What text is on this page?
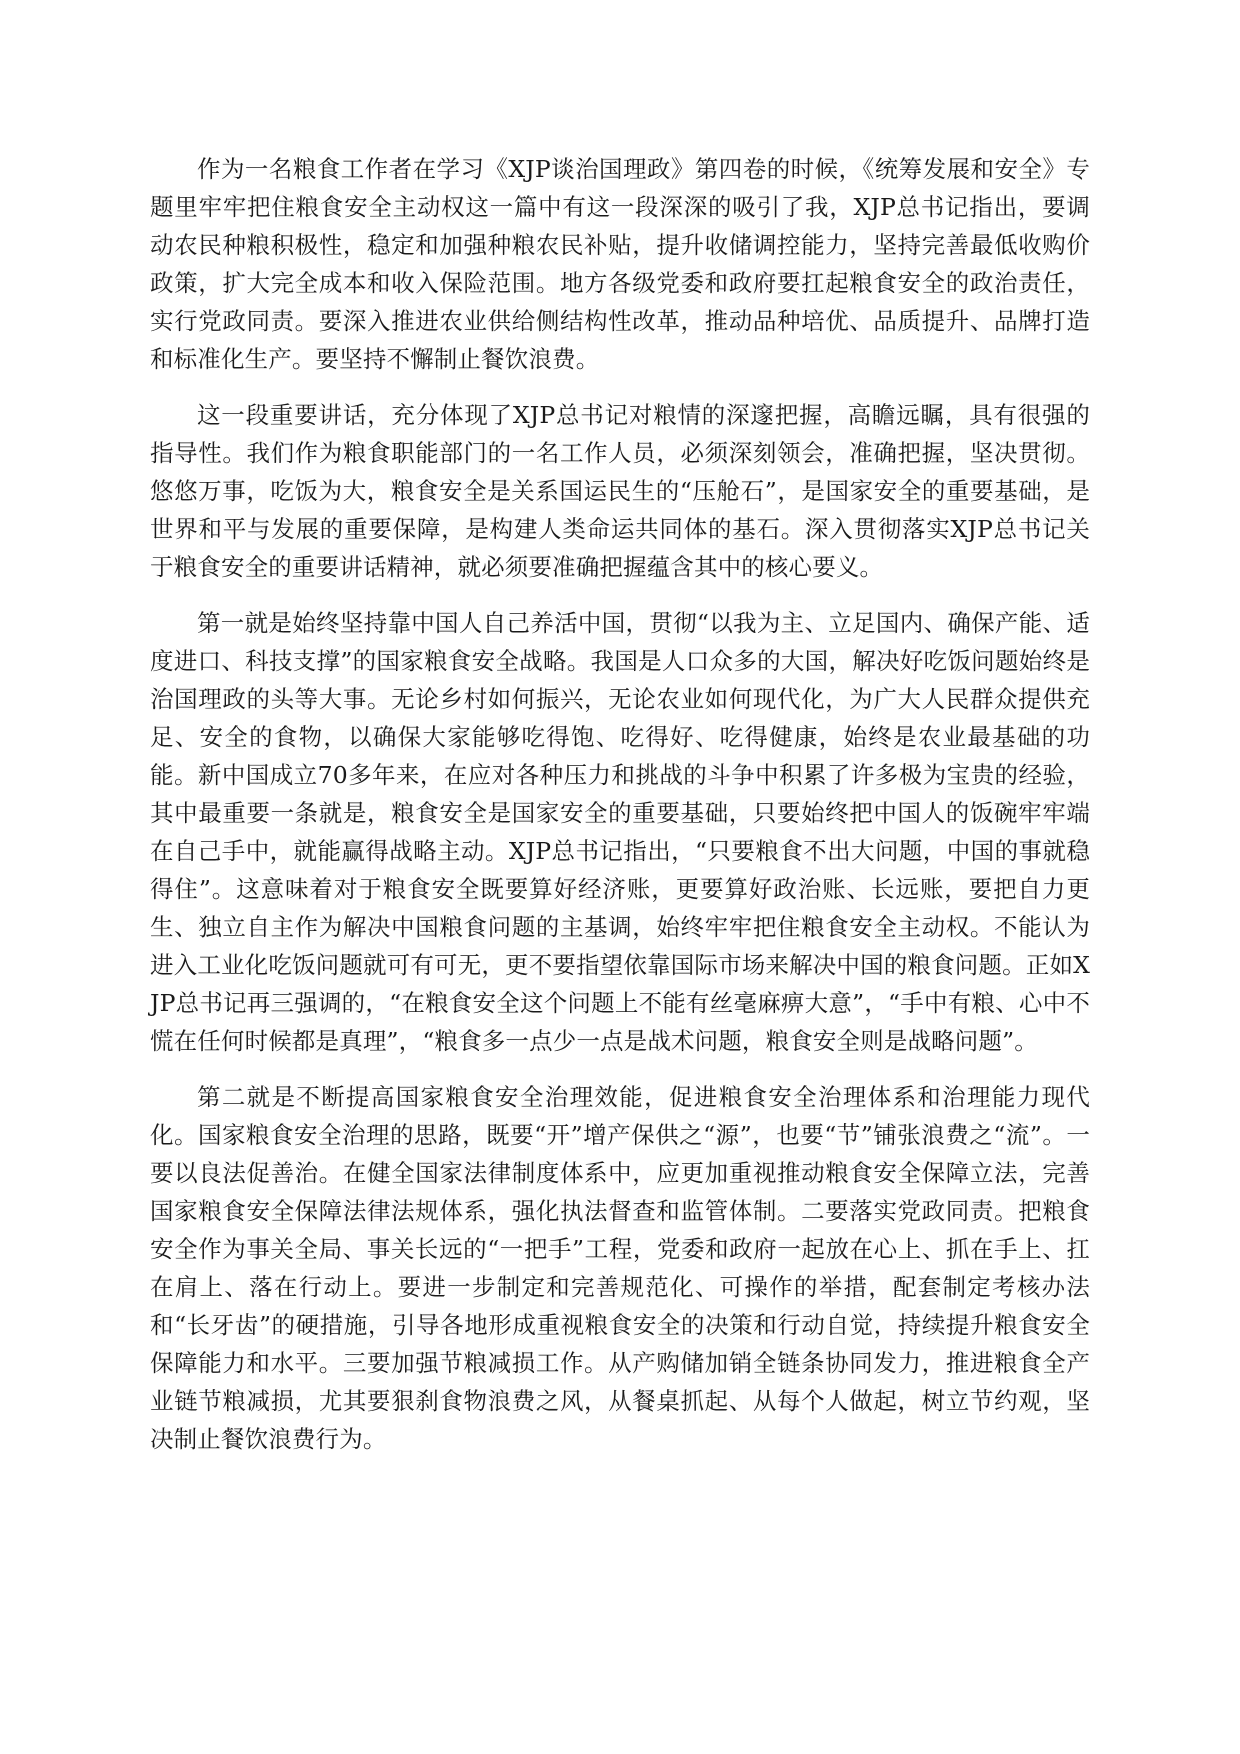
作为一名粮食工作者在学习《XJP谈治国理政》第四卷的时候，《统筹发展和安全》专题里牢牢把住粮食安全主动权这一篇中有这一段深深的吸引了我，XJP总书记指出，要调动农民种粮积极性，稳定和加强种粮农民补贴，提升收储调控能力，坚持完善最低收购价政策，扩大完全成本和收入保险范围。地方各级党委和政府要扛起粮食安全的政治责任，实行党政同责。要深入推进农业供给侧结构性改革，推动品种培优、品质提升、品牌打造和标准化生产。要坚持不懈制止餐饮浪费。

这一段重要讲话，充分体现了XJP总书记对粮情的深邃把握，高瞻远瞩，具有很强的指导性。我们作为粮食职能部门的一名工作人员，必须深刻领会，准确把握，坚决贯彻。悠悠万事，吃饭为大，粮食安全是关系国运民生的“压舱石”，是国家安全的重要基础，是世界和平与发展的重要保障，是构建人类命运共同体的基石。深入贯彻落实XJP总书记关于粮食安全的重要讲话精神，就必须要准确把握蕴含其中的核心要义。

第一就是始终坚持靠中国人自己养活中国，贯彻“以我为主、立足国内、确保产能、适度进口、科技支撑”的国家粮食安全战略。我国是人口众多的大国，解决好吃饭问题始终是治国理政的头等大事。无论乡村如何振兴，无论农业如何现代化，为广大人民群众提供充足、安全的食物，以确保大家能够吃得饱、吃得好、吃得健康，始终是农业最基础的功能。新中国成立70多年来，在应对各种压力和挑战的斗争中积累了许多极为宝贵的经验，其中最重要一条就是，粮食安全是国家安全的重要基础，只要始终把中国人的饭碗牢牢端在自己手中，就能赢得战略主动。XJP总书记指出，“只要粮食不出大问题，中国的事就稳得住”。这意味着对于粮食安全既要算好经济账，更要算好政治账、长远账，要把自力更生、独立自主作为解决中国粮食问题的主基调，始终牢牢把住粮食安全主动权。不能认为进入工业化吃饭问题就可有可无，更不要指望依靠国际市场来解决中国的粮食问题。正如XJP总书记再三强调的，“在粮食安全这个问题上不能有丝毫麻痹大意”，“手中有粮、心中不慌在任何时候都是真理”，“粮食多一点少一点是战术问题，粮食安全则是战略问题”。

第二就是不断提高国家粮食安全治理效能，促进粮食安全治理体系和治理能力现代化。国家粮食安全治理的思路，既要“开”增产保供之“源”，也要“节”铺张浪费之“流”。一要以良法促善治。在健全国家法律制度体系中，应更加重视推动粮食安全保障立法，完善国家粮食安全保障法律法规体系，强化执法督查和监管体制。二要落实党政同责。把粮食安全作为事关全局、事关长远的“一把手”工程，党委和政府一起放在心上、抓在手上、扛在肩上、落在行动上。要进一步制定和完善规范化、可操作的举措，配套制定考核办法和“长牙齿”的硬措施，引导各地形成重视粮食安全的决策和行动自觉，持续提升粮食安全保障能力和水平。三要加强节粮减损工作。从产购储加销全链条协同发力，推进粮食全产业链节粮减损，尤其要狠刹食物浪费之风，从餐桌抓起、从每个人做起，树立节约观，坚决制止餐饮浪费行为。
